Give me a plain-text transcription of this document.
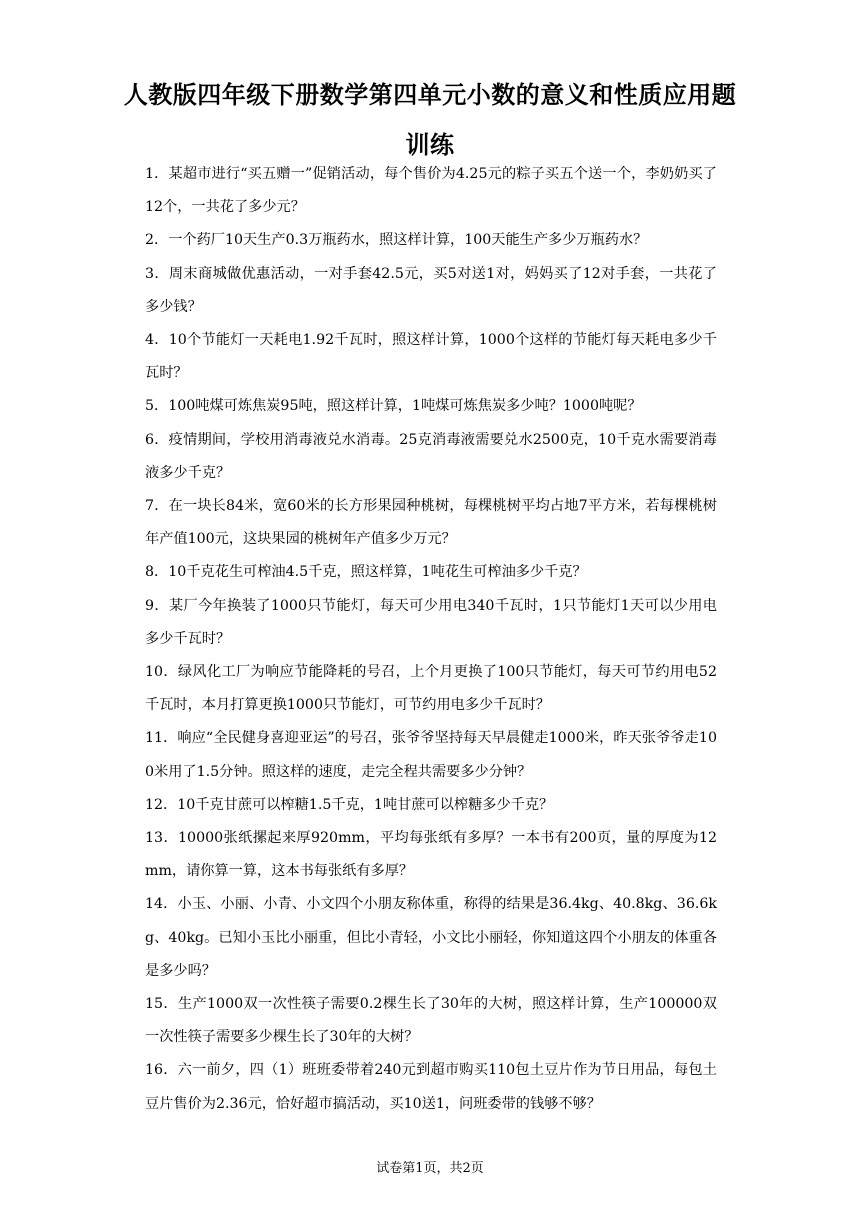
人教版四年级下册数学第四单元小数的意义和性质应用题训练

1．某超市进行“买五赠一”促销活动，每个售价为4.25元的粽子买五个送一个，李奶奶买了12个，一共花了多少元？

2．一个药厂10天生产0.3万瓶药水，照这样计算，100天能生产多少万瓶药水？

3．周末商城做优惠活动，一对手套42.5元，买5对送1对，妈妈买了12对手套，一共花了多少钱？

4．10个节能灯一天耗电1.92千瓦时，照这样计算，1000个这样的节能灯每天耗电多少千瓦时？

5．100吨煤可炼焦炭95吨，照这样计算，1吨煤可炼焦炭多少吨？1000吨呢？

6．疫情期间，学校用消毒液兑水消毒。25克消毒液需要兑水2500克，10千克水需要消毒液多少千克？

7．在一块长84米，宽60米的长方形果园种桃树，每棵桃树平均占地7平方米，若每棵桃树年产值100元，这块果园的桃树年产值多少万元？

8．10千克花生可榨油4.5千克，照这样算，1吨花生可榨油多少千克？

9．某厂今年换装了1000只节能灯，每天可少用电340千瓦时，1只节能灯1天可以少用电多少千瓦时？

10．绿风化工厂为响应节能降耗的号召，上个月更换了100只节能灯，每天可节约用电52千瓦时，本月打算更换1000只节能灯，可节约用电多少千瓦时？

11．响应“全民健身喜迎亚运”的号召，张爷爷坚持每天早晨健走1000米，昨天张爷爷走100米用了1.5分钟。照这样的速度，走完全程共需要多少分钟？

12．10千克甘蔗可以榨糖1.5千克，1吨甘蔗可以榨糖多少千克？

13．10000张纸摞起来厚920mm，平均每张纸有多厚？一本书有200页，量的厚度为12mm，请你算一算，这本书每张纸有多厚？

14．小玉、小丽、小青、小文四个小朋友称体重，称得的结果是36.4kg、40.8kg、36.6kg、40kg。已知小玉比小丽重，但比小青轻，小文比小丽轻，你知道这四个小朋友的体重各是多少吗？

15．生产1000双一次性筷子需要0.2棵生长了30年的大树，照这样计算，生产100000双一次性筷子需要多少棵生长了30年的大树？

16．六一前夕，四（1）班班委带着240元到超市购买110包土豆片作为节日用品，每包土豆片售价为2.36元，恰好超市搞活动，买10送1，问班委带的钱够不够？

试卷第1页，共2页
